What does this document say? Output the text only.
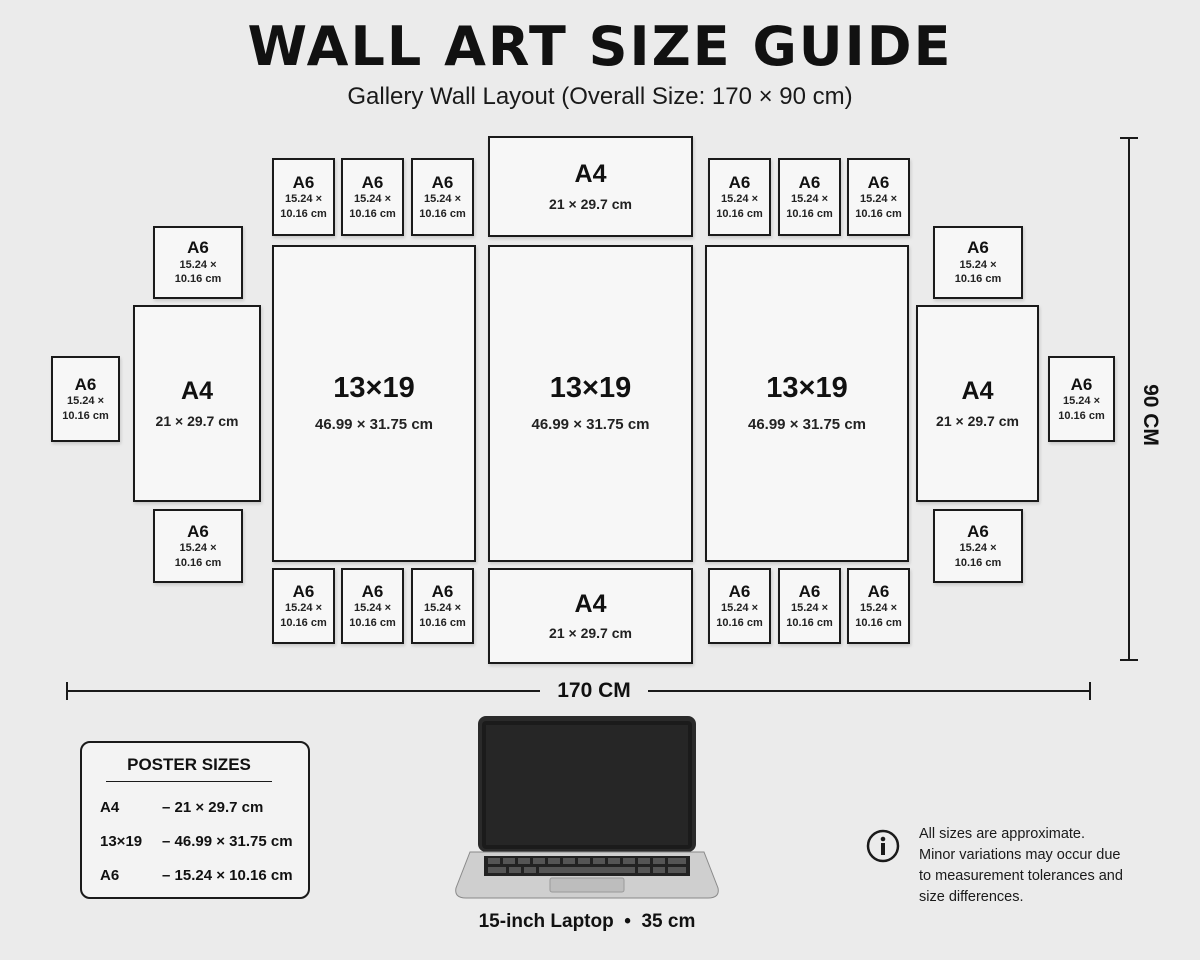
WALL ART SIZE GUIDE
Gallery Wall Layout (Overall Size: 170 × 90 cm)
A6
15.24 × 10.16 cm
A6
15.24 × 10.16 cm
A6
15.24 × 10.16 cm
A6
15.24 × 10.16 cm
A6
15.24 × 10.16 cm
A6
15.24 × 10.16 cm
A6
15.24 × 10.16 cm
A6
15.24 × 10.16 cm
A6
15.24 × 10.16 cm
A6
15.24 × 10.16 cm
A6
15.24 × 10.16 cm
A6
15.24 × 10.16 cm
A6
15.24 × 10.16 cm
A6
15.24 × 10.16 cm
A6
15.24 × 10.16 cm
A6
15.24 × 10.16 cm
A6
15.24 × 10.16 cm
A6
15.24 × 10.16 cm
A4
21 × 29.7 cm
A4
21 × 29.7 cm
A4
21 × 29.7 cm
A4
21 × 29.7 cm
13×19
46.99 × 31.75 cm
13×19
46.99 × 31.75 cm
13×19
46.99 × 31.75 cm	90 CM
170 CM
POSTER SIZES
A4	– 21 × 29.7 cm
13×19 – 46.99 × 31.75 cm
A6	– 15.24 × 10.16 cm
15-inch Laptop  •  35 cm
All sizes are approximate.
Minor variations may occur due
to measurement tolerances and
size differences.
